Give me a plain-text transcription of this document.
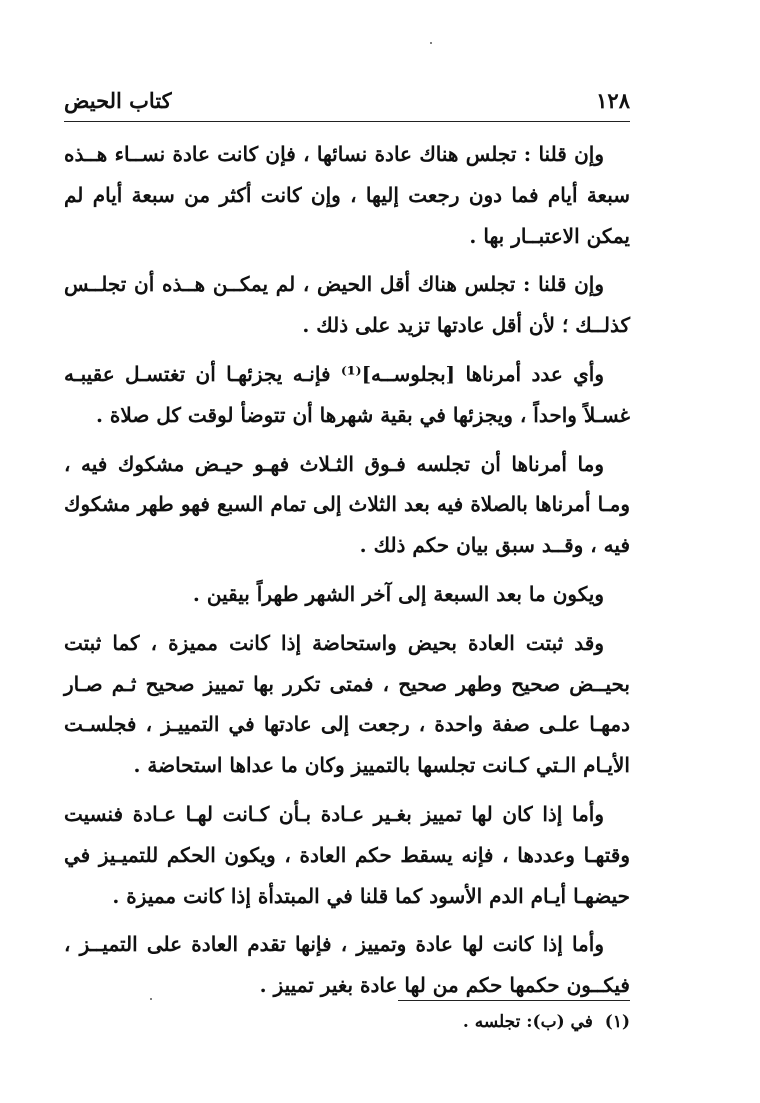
١٢٨
كتاب الحيض

وإن قلنا : تجلس هناك عادة نسائها ، فإن كانت عادة نســاء هــذه سبعة أيام فما دون رجعت إليها ، وإن كانت أكثر من سبعة أيام لم يمكن الاعتبــار بها .

وإن قلنا : تجلس هناك أقل الحيض ، لم يمكــن هــذه أن تجلــس كذلــك ؛ لأن أقل عادتها تزيد على ذلك .

وأي عدد أمرناها [بجلوســه]⁽¹⁾ فإنـه يجزئهـا أن تغتسـل عقيبـه غسـلاً واحداً ، ويجزئها في بقية شهرها أن تتوضأ لوقت كل صلاة .

وما أمرناها أن تجلسه فـوق الثـلاث فهـو حيـض مشكوك فيه ، ومـا أمرناها بالصلاة فيه بعد الثلاث إلى تمام السبع فهو طهر مشكوك فيه ، وقــد سبق بيان حكم ذلك .

ويكون ما بعد السبعة إلى آخر الشهر طهراً بيقين .

وقد ثبتت العادة بحيض واستحاضة إذا كانت مميزة ، كما ثبتت بحيــض صحيح وطهر صحيح ، فمتى تكرر بها تمييز صحيح ثـم صـار دمهـا علـى صفة واحدة ، رجعت إلى عادتها في التمييـز ، فجلسـت الأيـام الـتي كـانت تجلسها بالتمييز وكان ما عداها استحاضة .

وأما إذا كان لها تمييز بغـير عـادة بـأن كـانت لهـا عـادة فنسيت وقتهـا وعددها ، فإنه يسقط حكم العادة ، ويكون الحكم للتميـيز في حيضهـا أيـام الدم الأسود كما قلنا في المبتدأة إذا كانت مميزة .

وأما إذا كانت لها عادة وتمييز ، فإنها تقدم العادة على التميــز ، فيكــون حكمها حكم من لها عادة بغير تمييز .

(١) في (ب): تجلسه .
